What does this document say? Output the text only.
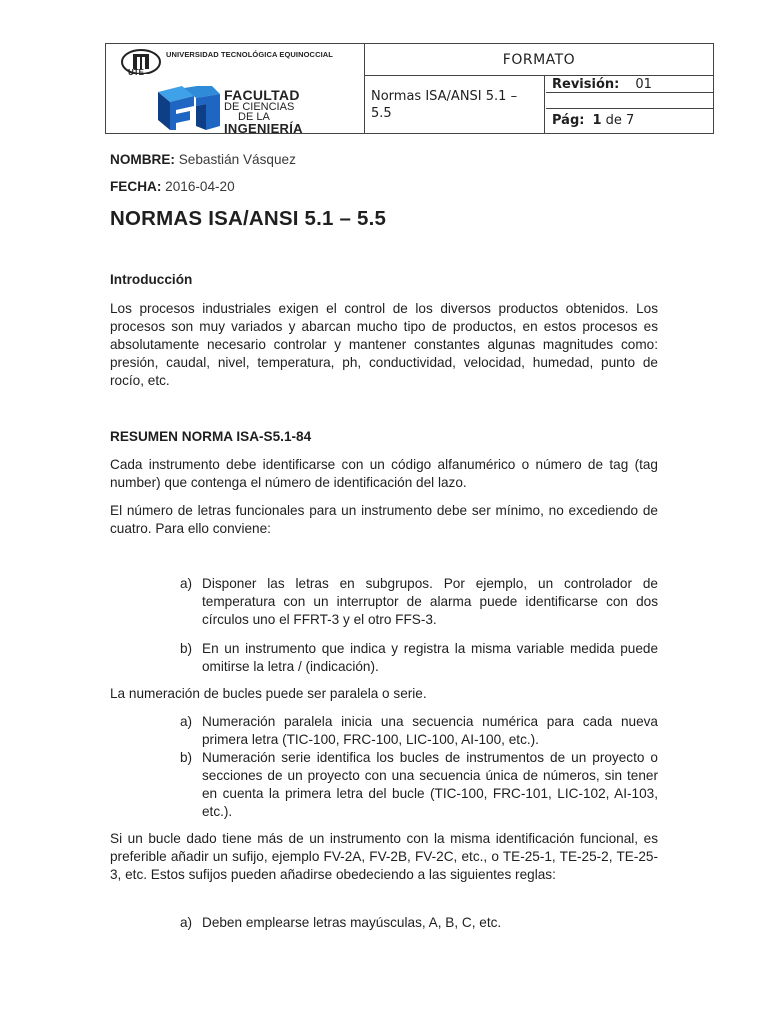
UTE
UNIVERSIDAD TECNOLÓGICA EQUINOCCIAL
FACULTAD
DE CIENCIAS
DE LA
INGENIERÍA
FORMATO
Normas ISA/ANSI 5.1 – 5.5
Revisión: 01
Pág: 1 de 7
NOMBRE: Sebastián Vásquez
FECHA: 2016-04-20
NORMAS ISA/ANSI 5.1 – 5.5
Introducción
Los procesos industriales exigen el control de los diversos productos obtenidos. Los procesos son muy variados y abarcan mucho tipo de productos, en estos procesos es absolutamente necesario controlar y mantener constantes algunas magnitudes como: presión, caudal, nivel, temperatura, ph, conductividad, velocidad, humedad, punto de rocío, etc.
RESUMEN NORMA ISA-S5.1-84
Cada instrumento debe identificarse con un código alfanumérico o número de tag (tag number) que contenga el número de identificación del lazo.
El número de letras funcionales para un instrumento debe ser mínimo, no excediendo de cuatro. Para ello conviene:
a) Disponer las letras en subgrupos. Por ejemplo, un controlador de temperatura con un interruptor de alarma puede identificarse con dos círculos uno el FFRT-3 y el otro FFS-3.
b) En un instrumento que indica y registra la misma variable medida puede omitirse la letra / (indicación).
La numeración de bucles puede ser paralela o serie.
a) Numeración paralela inicia una secuencia numérica para cada nueva primera letra (TIC-100, FRC-100, LIC-100, AI-100, etc.).
b) Numeración serie identifica los bucles de instrumentos de un proyecto o secciones de un proyecto con una secuencia única de números, sin tener en cuenta la primera letra del bucle (TIC-100, FRC-101, LIC-102, AI-103, etc.).
Si un bucle dado tiene más de un instrumento con la misma identificación funcional, es preferible añadir un sufijo, ejemplo FV-2A, FV-2B, FV-2C, etc., o TE-25-1, TE-25-2, TE-25-3, etc. Estos sufijos pueden añadirse obedeciendo a las siguientes reglas:
a) Deben emplearse letras mayúsculas, A, B, C, etc.
